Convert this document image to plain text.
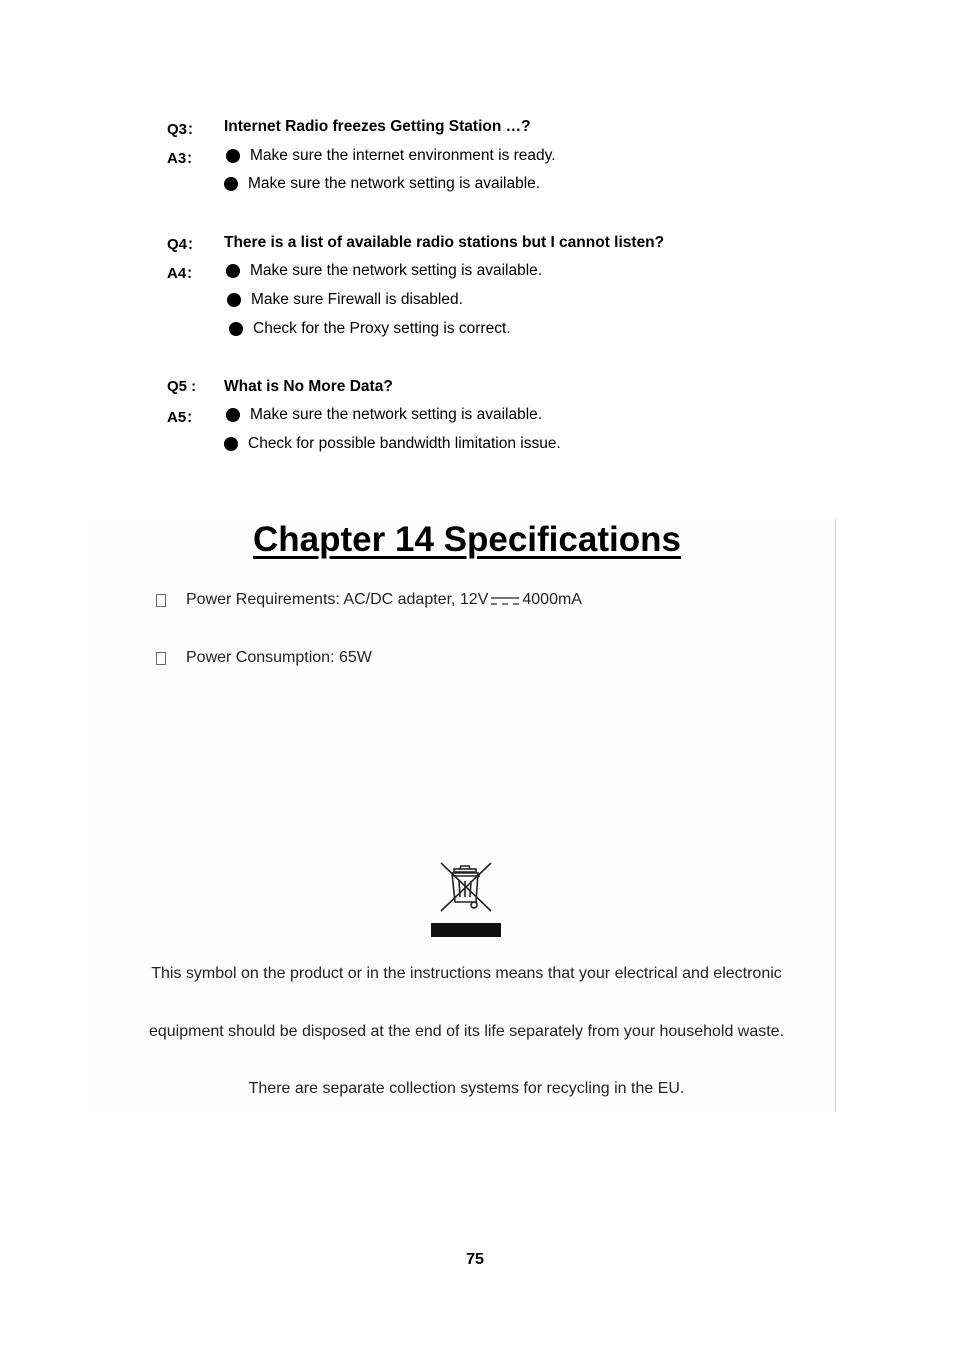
Q3： Internet Radio freezes Getting Station …?
A3：	Make sure the internet environment is ready.
Make sure the network setting is available.
Q4： There is a list of available radio stations but I cannot listen?
A4：	Make sure the network setting is available.
Make sure Firewall is disabled.
Check for the Proxy setting is correct.
Q5 : What is No More Data?
A5：	Make sure the network setting is available.
Check for possible bandwidth limitation issue.
Chapter 14 Specifications
Power Requirements: AC/DC adapter, 12V 4000mA
Power Consumption: 65W
This symbol on the product or in the instructions means that your electrical and electronic
equipment should be disposed at the end of its life separately from your household waste.
There are separate collection systems for recycling in the EU.
75
